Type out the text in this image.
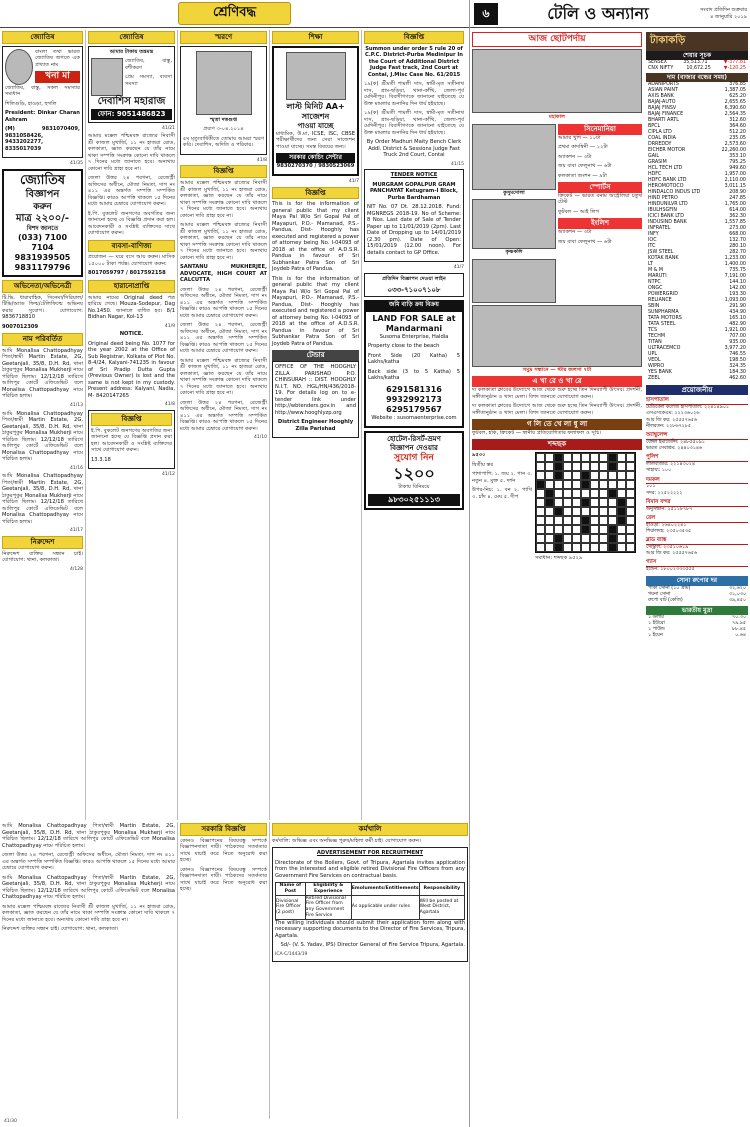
শ্রেণিবদ্ধ
জ্যোতিষ
বাংলা তথা ভারত জ্যোতিষ জগতে এক প্রখ্যাত নাম
খনা মা
জ্যোতিষ, বাস্তু, সকল সমস্যার সমাধান
শিলিগুড়ি, হাওড়া, হুগলি
President: Dinkar Charan Ashram
(M) 9831070409, 9831058426, 9433202277, 8335017039
41/35
জ্যোতিষ
বিজ্ঞাপন
করুন
মাত্র ২২০০/-
বিশদ জানতে
(033) 7100 7104
9831939505
9831179796
অভিনেতা/অভিনেত্রী
টি.ভি. ধারাবাহিক, সিনেমা/সিরিয়াল/টিভি/অ্যাড ফিল্ম/টেলিফিল্মে অভিনয় করার সুযোগ। যোগাযোগ: 9836718810
9007012309
নাম পরিবর্তিত
আমি Monalisa Chattopadhyay পিতা/স্বামী Martin Estate, 2G, Geetanjali, 35/8, D.H. Rd, থানা ঠাকুরপুকুর Monalisa Mukherji নামে পরিচিত ছিলাম। 12/12/18 তারিখে আলিপুর কোর্টে এফিডেভিট বলে Monalisa Chattopadhyay নামে পরিচিত হলাম।
41/13
আমি Monalisa Chattopadhyay পিতা/স্বামী Martin Estate, 2G, Geetanjali, 35/8, D.H. Rd, থানা ঠাকুরপুকুর Monalisa Mukherji নামে পরিচিত ছিলাম। 12/12/18 তারিখে আলিপুর কোর্টে এফিডেভিট বলে Monalisa Chattopadhyay নামে পরিচিত হলাম।
41/16
আমি Monalisa Chattopadhyay পিতা/স্বামী Martin Estate, 2G, Geetanjali, 35/8, D.H. Rd, থানা ঠাকুরপুকুর Monalisa Mukherji নামে পরিচিত ছিলাম। 12/12/18 তারিখে আলিপুর কোর্টে এফিডেভিট বলে Monalisa Chattopadhyay নামে পরিচিত হলাম।
41/17
নিরুদ্দেশ
নিরুদ্দেশ ব্যক্তির সন্ধান চাই। যোগাযোগ: থানা, কলকাতা।
4/128
জ্যোতিষ
আমার টাকায় তন্ত্রমন্ত্র
জ্যোতিষ, বাস্তু, বশীকরণ
প্রেম সমস্যা, ব্যবসা সমস্যা
দেবাশিস মহারাজ
ফোন: 9051486823
41/21
আমার মক্কেল পশ্চিমবঙ্গ রাজ্যের নিবাসী শ্রী কাজল মুখার্জি, ১১ নং হাজরা রোড, কলকাতা, জ্ঞাত করছেন যে তাঁর নামে থাকা সম্পত্তি সংক্রান্ত কোনো দাবি থাকলে ৭ দিনের মধ্যে জানাতে হবে। অন্যথায় কোনো দাবি গ্রাহ্য হবে না।
জেলা উত্তর ২৪ পরগনা, রেজেস্ট্রী অফিসের অধীনে, মৌজা নিমতা, দাগ নং ৪১১ এর অন্তর্গত সম্পত্তি সম্পর্কিত বিজ্ঞপ্তি। কারও আপত্তি থাকলে ১৫ দিনের মধ্যে আমার চেম্বারে যোগাযোগ করুন।
ই.পি. বুকলেট জনগণের অবগতির জন্য জানানো হচ্ছে যে বিজ্ঞপ্তি প্রদান করা হল। আবেদনকারী ও সংশ্লিষ্ট ব্যক্তিদের সাথে যোগাযোগ করুন।
ব্যবসা-বাণিজ্য
প্রয়োজন — ঘরে বসে আয় করুন। মাসিক ১৫০০০ টাকা পর্যন্ত। যোগাযোগ করুন:
8017059797 / 8017592158
হারানোপ্রাপ্তি
আমার নামের Original deed পত্র হারিয়ে গেছে। Mouza-Sodepur, Dag No.1450. জানালে বাধিত হব। 8/1 Bidhan Nagar, Kol-13
41/9
NOTICE.
Original deed being No. 1077 for the year 2002 at the Office of Sub Registrar, Kolkata of Plot No. 8-4/24, Kalyani-741235 in favour of Sri Pradip Dutta Gupta (Previous Owner) is lost and the same is not kept in my custody. Present address: Kalyani, Nadia, M- 8420147265
41/8
বিজ্ঞপ্তি
ই.পি. বুকলেট জনগণের অবগতির জন্য জানানো হচ্ছে যে বিজ্ঞপ্তি প্রদান করা হল। আবেদনকারী ও সংশ্লিষ্ট ব্যক্তিদের সাথে যোগাযোগ করুন।
13.3.18
41/12
স্মরণে
স্মৃতা দত্তগুপ্ত
প্রয়াণ ৩-০৪.২০১৪
৫ম মৃত্যুবার্ষিকীতে তোমায় আমরা স্মরণ করি। দেবাশিস, অদিতি ও পরিবার।
41/8
বিজ্ঞপ্তি
আমার মক্কেল পশ্চিমবঙ্গ রাজ্যের নিবাসী শ্রী কাজল মুখার্জি, ১১ নং হাজরা রোড, কলকাতা, জ্ঞাত করছেন যে তাঁর নামে থাকা সম্পত্তি সংক্রান্ত কোনো দাবি থাকলে ৭ দিনের মধ্যে জানাতে হবে। অন্যথায় কোনো দাবি গ্রাহ্য হবে না।
আমার মক্কেল পশ্চিমবঙ্গ রাজ্যের নিবাসী শ্রী কাজল মুখার্জি, ১১ নং হাজরা রোড, কলকাতা, জ্ঞাত করছেন যে তাঁর নামে থাকা সম্পত্তি সংক্রান্ত কোনো দাবি থাকলে ৭ দিনের মধ্যে জানাতে হবে। অন্যথায় কোনো দাবি গ্রাহ্য হবে না।
SANTANU MUKHERJEE, ADVOCATE, HIGH COURT AT CALCUTTA
জেলা উত্তর ২৪ পরগনা, রেজেস্ট্রী অফিসের অধীনে, মৌজা নিমতা, দাগ নং ৪১১ এর অন্তর্গত সম্পত্তি সম্পর্কিত বিজ্ঞপ্তি। কারও আপত্তি থাকলে ১৫ দিনের মধ্যে আমার চেম্বারে যোগাযোগ করুন।
জেলা উত্তর ২৪ পরগনা, রেজেস্ট্রী অফিসের অধীনে, মৌজা নিমতা, দাগ নং ৪১১ এর অন্তর্গত সম্পত্তি সম্পর্কিত বিজ্ঞপ্তি। কারও আপত্তি থাকলে ১৫ দিনের মধ্যে আমার চেম্বারে যোগাযোগ করুন।
আমার মক্কেল পশ্চিমবঙ্গ রাজ্যের নিবাসী শ্রী কাজল মুখার্জি, ১১ নং হাজরা রোড, কলকাতা, জ্ঞাত করছেন যে তাঁর নামে থাকা সম্পত্তি সংক্রান্ত কোনো দাবি থাকলে ৭ দিনের মধ্যে জানাতে হবে। অন্যথায় কোনো দাবি গ্রাহ্য হবে না।
জেলা উত্তর ২৪ পরগনা, রেজেস্ট্রী অফিসের অধীনে, মৌজা নিমতা, দাগ নং ৪১১ এর অন্তর্গত সম্পত্তি সম্পর্কিত বিজ্ঞপ্তি। কারও আপত্তি থাকলে ১৫ দিনের মধ্যে আমার চেম্বারে যোগাযোগ করুন।
41/10
শিক্ষা
লাস্ট মিনিট AA+ সাজেশন
পাওয়া যাচ্ছে
মাধ্যমিক, উ.মা, ICSE, ISC, CBSE পরীক্ষার্থীদের জন্য সেরা সাজেশন পাওয়া যাচ্ছে। সমস্ত বিষয়ের জন্য।
সরকার কোচিং সেন্টার
9830270370 / 9830523069
41/7
বিজ্ঞপ্তি
This is for the information of general public that my client Maya Pal W/o Sri Gopal Pal of Mayapuri, P.O.- Mamanad, P.S.- Pandua, Dist- Hooghly has executed and registered a power of attorney being No. I-04093 of 2018 at the office of A.D.S.R. Pandua in favour of Sri Subhankar Patra Son of Sri Joydeb Patra of Pandua.
This is for the information of general public that my client Maya Pal W/o Sri Gopal Pal of Mayapuri, P.O.- Mamanad, P.S.- Pandua, Dist- Hooghly has executed and registered a power of attorney being No. I-04093 of 2018 at the office of A.D.S.R. Pandua in favour of Sri Subhankar Patra Son of Sri Joydeb Patra of Pandua.
টেন্ডার
OFFICE OF THE HOOGHLY ZILLA PARISHAD P.O. CHINSURAH :: DIST. HOOGHLY N.I.T. NO. HGL/HN/436/2018-19. For details log on to e-tender link under http://wbtenders.gov.in and http://www.hooghlyzp.org
District Engineer Hooghly Zilla Parishad
বিজ্ঞপ্তি
Summon under order 5 rule 20 of C.P.C. District-Purba Medinipur In the Court of Additional District Judge Fast track, 2nd Court at Contai, J.Misc Case No. 61/2015
১৯(ক) শ্রীমতী শামলী দাস, স্বামী-মৃত সতীনাথ দাস, গ্রাম-ছড়িয়া, থানা-কাঁথি, জেলা-পূর্ব মেদিনীপুর। বিবাদীগণকে জানানো যাইতেছে যে উক্ত মামলার শুনানির দিন ধার্য হইয়াছে।
১৯(ক) শ্রীমতী শামলী দাস, স্বামী-মৃত সতীনাথ দাস, গ্রাম-ছড়িয়া, থানা-কাঁথি, জেলা-পূর্ব মেদিনীপুর। বিবাদীগণকে জানানো যাইতেছে যে উক্ত মামলার শুনানির দিন ধার্য হইয়াছে।
By Order Madhuri Maity Bench Clerk Addl. District & Sessions Judge Fast Truck 2nd Court, Contai
41/15
TENDER NOTICE
MURGRAM GOPALPUR GRAM PANCHAYAT Ketugram-I Block, Purba Bardhaman
NIT No. 07 Dt. 28.12.2018. Fund: MGNREGS 2018-19. No of Scheme: 8 Nos. Last date of Sale of Tender Paper up to 11/01/2019 (2pm). Last Date of Dropping up to 14/01/2019 (2.30 pm). Date of Open: 15/01/2019 (12.00 noon). For details contact to GP Office.
41/7
প্রতিদিন বিজ্ঞাপন দেওয়া লাইন
০৩৩-৭১০০৭১০৮
জমি বাড়ি ক্রয় বিক্রয়
LAND FOR SALE at Mandarmani
Susoma Enterprise, Haldia
Property close to the beach
Front Side (20 Katha) 5 Lakhs/katha
Back side (3 to 5 Katha) 5 Lakhs/katha
6291581316
9932992173
6295179567
Website : susomaenterprise.com
হোটেল-রিসর্ট-ভ্রমণ
বিজ্ঞাপন দেওয়ার
সুযোগ নিন
১২০০
টাকায় বিনিময়ে
৯৮৩০২৫১১১৩
আমি Monalisa Chattopadhyay পিতা/স্বামী Martin Estate, 2G, Geetanjali, 35/8, D.H. Rd, থানা ঠাকুরপুকুর Monalisa Mukherji নামে পরিচিত ছিলাম। 12/12/18 তারিখে আলিপুর কোর্টে এফিডেভিট বলে Monalisa Chattopadhyay নামে পরিচিত হলাম।
জেলা উত্তর ২৪ পরগনা, রেজেস্ট্রী অফিসের অধীনে, মৌজা নিমতা, দাগ নং ৪১১ এর অন্তর্গত সম্পত্তি সম্পর্কিত বিজ্ঞপ্তি। কারও আপত্তি থাকলে ১৫ দিনের মধ্যে আমার চেম্বারে যোগাযোগ করুন।
আমি Monalisa Chattopadhyay পিতা/স্বামী Martin Estate, 2G, Geetanjali, 35/8, D.H. Rd, থানা ঠাকুরপুকুর Monalisa Mukherji নামে পরিচিত ছিলাম। 12/12/18 তারিখে আলিপুর কোর্টে এফিডেভিট বলে Monalisa Chattopadhyay নামে পরিচিত হলাম।
আমার মক্কেল পশ্চিমবঙ্গ রাজ্যের নিবাসী শ্রী কাজল মুখার্জি, ১১ নং হাজরা রোড, কলকাতা, জ্ঞাত করছেন যে তাঁর নামে থাকা সম্পত্তি সংক্রান্ত কোনো দাবি থাকলে ৭ দিনের মধ্যে জানাতে হবে। অন্যথায় কোনো দাবি গ্রাহ্য হবে না।
নিরুদ্দেশ ব্যক্তির সন্ধান চাই। যোগাযোগ: থানা, কলকাতা।
সরকারি বিজ্ঞপ্তি
কোনও বিজ্ঞাপনের বিষয়বস্তু সম্পর্কে বিজ্ঞাপনদাতা দায়ী। পাঠকদের সতর্কতার সাথে যাচাই করে নিতে অনুরোধ করা হচ্ছে।
কোনও বিজ্ঞাপনের বিষয়বস্তু সম্পর্কে বিজ্ঞাপনদাতা দায়ী। পাঠকদের সতর্কতার সাথে যাচাই করে নিতে অনুরোধ করা হচ্ছে।
কর্মখালি
কর্মখালি: অভিজ্ঞ এবং অনভিজ্ঞ পুরুষ/মহিলা কর্মী চাই। যোগাযোগ করুন।
ADVERTISEMENT FOR RECRUITMENT
Directorate of the Boilers, Govt. of Tripura, Agartala invites application from the interested and eligible retired Divisional Fire Officers from any Government Fire Services on contractual basis.
Name of Post	Eligibility & Experience	Emoluments/Entitlements	Responsibility
Divisional Fire Officer (2 post)	Retired Divisional Fire Officer from any Government Fire Service	As applicable under rules	Will be posted at West District, Agartala
The willing individuals should submit their application form along with necessary supporting documents to the Director of Fire Services, Tripura, Agartala.
Sd/- (V. S. Yadav, IPS) Director General of Fire Service Tripura, Agartala.
ICA-C/1443/19
41/30
৬	টেলি ও অন্যান্য	সংবাদ প্রতিদিন শুক্রবার ৪ জানুয়ারি ২০১৯
আজ ছোটপর্দায়
মহাকাল
কুসুমদোলা
কৃষ্ণকলি
সিনেমানিয়া
আমার খুশি — ১০টা
প্রথমা কাদম্বিনী — ১২টা
অ্যাকশন — ৩টা
জয় বাবা ফেলুনাথ — ৬টা
কলকাতা জংশন — ৯টা
স্পোর্টস
ক্রিকেট — ভারত বনাম অস্ট্রেলিয়া চতুর্থ টেস্ট
ফুটবল — আই লিগ
ইংলিশ
অ্যাকশন — ৩টা
জয় বাবা ফেলুনাথ — ৬টা
সমুদ্র সন্ধানে — স্টার জলসা ৭টা
এ খা রে ও খা রে
দ্য কলকাতা ক্লাবের উদ্যোগে আজ থেকে শুরু হচ্ছে তিন দিনব্যাপী উৎসব। প্রদর্শনী, সঙ্গীতানুষ্ঠান ও খাদ্য মেলা। বিশদ জানতে যোগাযোগ করুন।
দ্য কলকাতা ক্লাবের উদ্যোগে আজ থেকে শুরু হচ্ছে তিন দিনব্যাপী উৎসব। প্রদর্শনী, সঙ্গীতানুষ্ঠান ও খাদ্য মেলা। বিশদ জানতে যোগাযোগ করুন।
গ লি তে খে লা ধু লা
ফুটবল, হকি, ক্রিকেট — স্থানীয় প্রতিযোগিতার ফলাফল ও সূচি।
শব্দছক
৯৫৩০
দ্বিতীয় স্তর
পাশাপাশি: ১. জয় ২. গান ৩. নতুন ৪. মুক্ত ৫. দর্শন
উপর-নিচ: ১. বন ২. পাখি ৩. চাঁদ ৪. মেঘ ৫. দীপ
সমাধান: শব্দছক ৯৫২৯
টাকাকড়ি
শেয়ার সূচক
SENSEX	35,513.71	▼-377.81
CNX NIFTY	10,672.25	▼-120.25
দাম (বাজার বন্ধের সময়)
ADANIPORTS	376.85
ASIAN PAINT	1,387.05
AXIS BANK	625.20
BAJAJ-AUTO	2,655.65
BAJAJ FINSV	6,390.60
BAJAJ FINANCE	2,564.35
BHARTI ARTL	312.60
BPCL	364.60
CIPLA LTD	512.20
COAL INDIA	235.05
DRREDDY	2,573.60
EICHER MOTOR	22,260.00
GAIL	353.10
GRASIM	795.25
HCL TECH LTD	949.60
HDFC	1,957.00
HDFC BANK LTD	2,110.00
HEROMOTOCO	3,011.15
HINDALCO INDUS LTD	208.90
HIND PETRO	247.85
HINDUNILVR LTD	1,765.00
IBULHSGFIN	614.00
ICICI BANK LTD	362.30
INDUSIND BANK	1,557.85
INFRATEL	273.00
INFY	668.00
IOC	132.70
ITC	280.10
JSW STEEL	282.70
KOTAK BANK	1,233.00
LT	1,400.00
M & M	735.75
MARUTI	7,191.00
NTPC	144.10
ONGC	142.00
POWERGRID	193.30
RELIANCE	1,093.00
SBIN	291.90
SUNPHARMA	434.90
TATA MOTORS	165.10
TATA STEEL	482.90
TCS	1,921.00
TECHM	707.00
TITAN	935.00
ULTRACEMCO	3,977.20
UPL	746.55
VEDL	198.50
WIPRO	324.35
YES BANK	184.30
ZEEL	462.60
প্রয়োজনীয়
হাসপাতাল
মেডিকেল কলেজ হাসপাতাল: ২২৪১৪৯০১
এসএসকেএম: ২২২৩৬০২৬
আর জি কর: ২৫৫৫৭৬৫৬
নীলরতন: ২২৮৬৭২৮৫
অ্যাম্বুলেন্স
বেঙ্গল ইমার্জেন্সি: ২৪৮৫৫০৯১
ভারত সেবাশ্রম: ২৪৪০৩১৪৬
পুলিশ
লালবাজার: ২২১৪৩০২৪
সাহায্য: ১০০
দমকল
১০১
সদর: ২২৫২২২২২
বিমান বন্দর
অনুসন্ধান: ২৫১১৮৭৮৭
রেল
হাওড়া: ২৬৪০২২৪১
শিয়ালদহ: ২৩৫০৩৫৩৫
ব্লাড ব্যাঙ্ক
সেন্ট্রাল: ২৩৫১০৬১৯
আর জি কর: ২৫৫৫৭৬৫৬
গ্যাস
ইন্ডেন: ১৮০০২৩৩৩৫৫৫
সোনা রুপোর দর
পাকা সোনা (১০ গ্রাম)	৩২,৬২০
গয়না সোনা	৩১,০৩০
রুপো বাট (কেজি)	৩৯,৪৫০
ভারতীয় মুদ্রা
১ ডলার	৭০.৩০
১ ইউরো	৭৯.৯৫
১ পাউন্ড	৮৮.৪৫
১ ইয়েন	০.৬৪
